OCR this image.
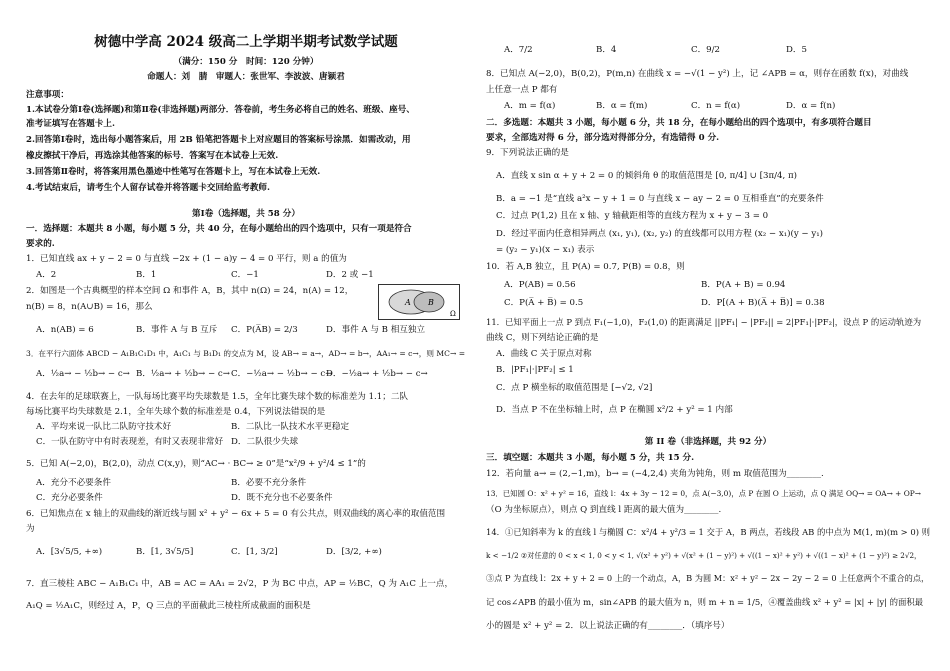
树德中学高 2024 级高二上学期半期考试数学试题
（满分：150 分　时间：120 分钟）
命题人：刘　腈　审题人：张世军、李波波、唐颖君
注意事项：
1.本试卷分第Ⅰ卷(选择题)和第Ⅱ卷(非选择题)两部分．答卷前，考生务必将自己的姓名、班级、座号、
准考证填写在答题卡上.
2.回答第Ⅰ卷时，选出每小题答案后，用 2B 铅笔把答题卡上对应题目的答案标号涂黑．如需改动，用
橡皮擦拭干净后，再选涂其他答案的标号．答案写在本试卷上无效.
3.回答第Ⅱ卷时，将答案用黑色墨迹中性笔写在答题卡上，写在本试卷上无效.
4.考试结束后，请考生个人留存试卷并将答题卡交回给监考教师.
第Ⅰ卷（选择题，共 58 分）
一．选择题：本题共 8 小题，每小题 5 分，共 40 分，在每小题给出的四个选项中，只有一项是符合
要求的.
1．已知直线 ax + y − 2 = 0 与直线 −2x + (1 − a)y − 4 = 0 平行，则 a 的值为
A．2	B．1	C．−1	D．2 或 −1
2．如图是一个古典概型的样本空间 Ω 和事件 A，B，其中 n(Ω) = 24，n(A) = 12，
n(B) = 8，n(A∪B) = 16，那么
A．n(AB) = 6	B．事件 A 与 B 互斥 C．P(A̅B) = 2/3	D．事件 A 与 B 相互独立
A B
Ω
3．在平行六面体 ABCD − A₁B₁C₁D₁ 中，A₁C₁ 与 B₁D₁ 的交点为 M，设 AB→ = a→，AD→ = b→，AA₁→ = c→，则 MC→ =
A．½a→ − ½b→ − c→ B．½a→ + ½b→ − c→ C．−½a→ − ½b→ − c→
D．−½a→ + ½b→ − c→
4．在去年的足球联赛上，一队每场比赛平均失球数是 1.5，全年比赛失球个数的标准差为 1.1；二队
每场比赛平均失球数是 2.1，全年失球个数的标准差是 0.4，下列说法错误的是
A．平均来说一队比二队防守技术好	B．二队比一队技术水平更稳定
C．一队在防守中有时表现差，有时又表现非常好 D．二队很少失球
5．已知 A(−2,0)，B(2,0)，动点 C(x,y)，则“AC→ · BC→ ≥ 0”是“x²/9 + y²/4 ≤ 1”的
A．充分不必要条件	B．必要不充分条件
C．充分必要条件	D．既不充分也不必要条件
6．已知焦点在 x 轴上的双曲线的渐近线与圆 x² + y² − 6x + 5 = 0 有公共点，则双曲线的离心率的取值范围
为
A．[3√5/5, +∞)	B．[1, 3√5/5]	C．[1, 3/2]	D．[3/2, +∞)
7．直三棱柱 ABC − A₁B₁C₁ 中，AB = AC = AA₁ = 2√2，P 为 BC 中点，AP = ½BC，Q 为 A₁C 上一点，
A₁Q = ½A₁C，则经过 A，P，Q 三点的平面截此三棱柱所成截面的面积是
A．7/2	B．4	C．9/2	D．5
8．已知点 A(−2,0)，B(0,2)，P(m,n) 在曲线 x = −√(1 − y²) 上，记 ∠APB = α，则存在函数 f(x)，对曲线
上任意一点 P 都有
A．m = f(α)	B．α = f(m)	C．n = f(α)	D．α = f(n)
二．多选题：本题共 3 小题，每小题 6 分，共 18 分，在每小题给出的四个选项中，有多项符合题目
要求，全部选对得 6 分，部分选对得部分分，有选错得 0 分.
9．下列说法正确的是
A．直线 x sin α + y + 2 = 0 的倾斜角 θ 的取值范围是 [0, π/4] ∪ [3π/4, π)
B．a = −1 是“直线 a²x − y + 1 = 0 与直线 x − ay − 2 = 0 互相垂直”的充要条件
C．过点 P(1,2) 且在 x 轴、y 轴截距相等的直线方程为 x + y − 3 = 0
D．经过平面内任意相异两点 (x₁, y₁), (x₂, y₂) 的直线都可以用方程 (x₂ − x₁)(y − y₁)
= (y₂ − y₁)(x − x₁) 表示
10．若 A,B 独立，且 P(A) = 0.7, P(B) = 0.8，则
A．P(AB) = 0.56	B．P(A + B) = 0.94
C．P(A̅ + B̅) = 0.5	D．P[(A + B)(A̅ + B̅)] = 0.38
11．已知平面上一点 P 到点 F₁(−1,0)，F₂(1,0) 的距离满足 ||PF₁| − |PF₂|| = 2|PF₁|·|PF₂|，设点 P 的运动轨迹为
曲线 C，则下列结论正确的是
A．曲线 C 关于原点对称
B．|PF₁|·|PF₂| ≤ 1
C．点 P 横坐标的取值范围是 [−√2, √2]
D．当点 P 不在坐标轴上时，点 P 在椭圆 x²/2 + y² = 1 内部
第 II 卷（非选择题，共 92 分）
三．填空题：本题共 3 小题，每小题 5 分，共 15 分.
12．若向量 a→ = (2,−1,m)，b→ = (−4,2,4) 夹角为钝角，则 m 取值范围为________.
13．已知圆 O：x² + y² = 16，直线 l：4x + 3y − 12 = 0，点 A(−3,0)，点 P 在圆 O 上运动，点 Q 满足 OQ→ = OA→ + OP→
（O 为坐标原点），则点 Q 到直线 l 距离的最大值为________.
14．①已知斜率为 k 的直线 l 与椭圆 C：x²/4 + y²/3 = 1 交于 A，B 两点，若线段 AB 的中点为 M(1, m)(m > 0) 则
k < −1/2 ②对任意的 0 < x < 1, 0 < y < 1, √(x² + y²) + √(x² + (1 − y)²) + √((1 − x)² + y²) + √((1 − x)² + (1 − y)²) ≥ 2√2，
③点 P 为直线 l：2x + y + 2 = 0 上的一个动点，A，B 为圆 M：x² + y² − 2x − 2y − 2 = 0 上任意两个不重合的点，
记 cos∠APB 的最小值为 m，sin∠APB 的最大值为 n，则 m + n = 1/5，④覆盖曲线 x² + y² = |x| + |y| 的面积最
小的圆是 x² + y² = 2．以上说法正确的有________．（填序号）
